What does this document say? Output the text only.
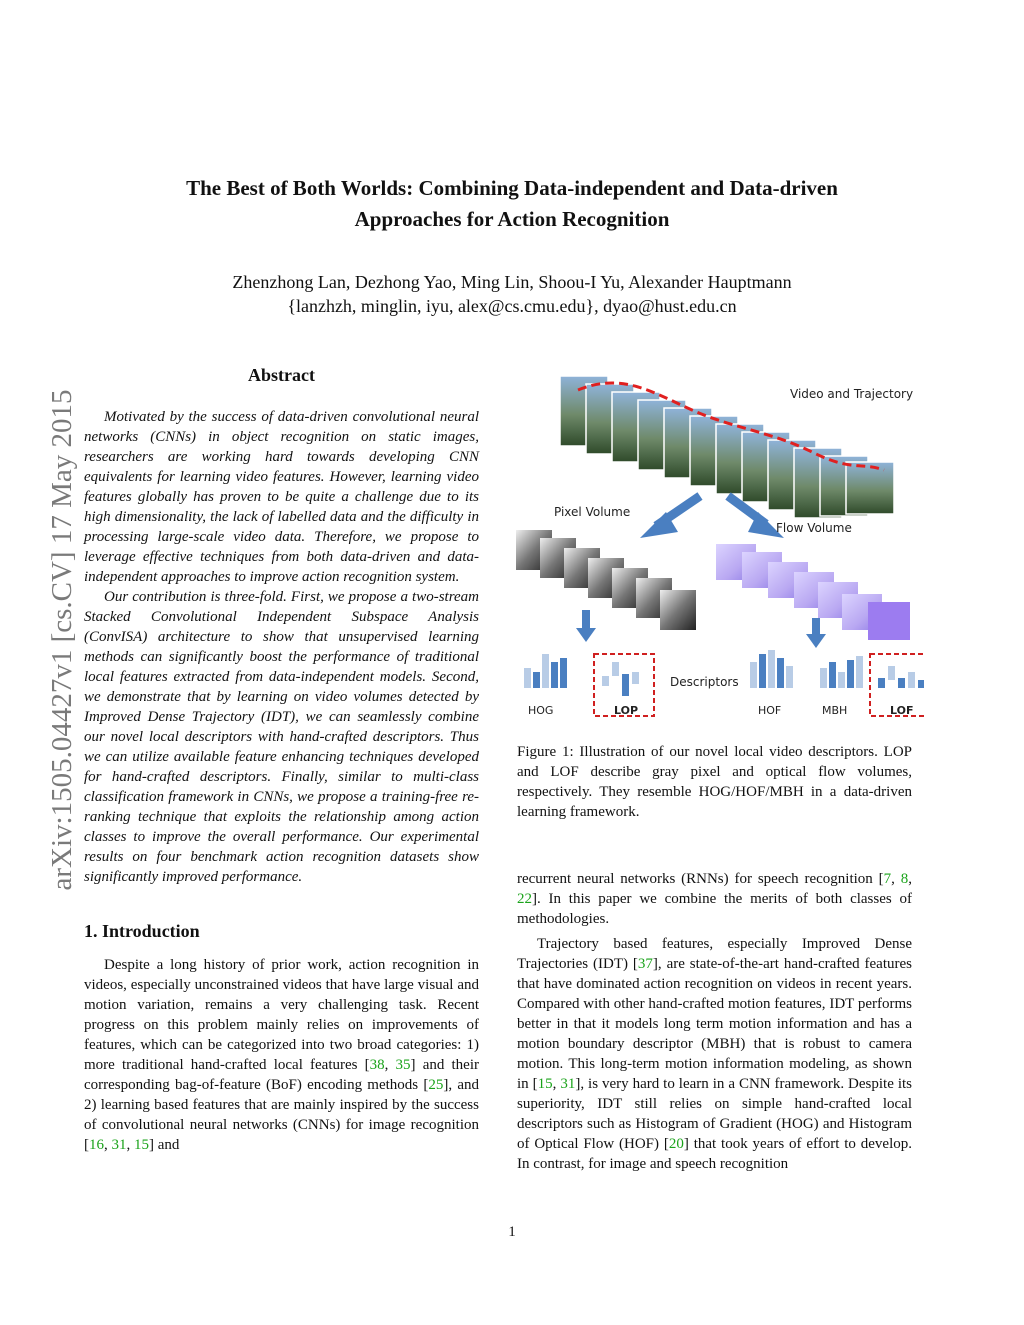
arXiv:1505.04427v1 [cs.CV] 17 May 2015
The Best of Both Worlds: Combining Data-independent and Data-driven
Approaches for Action Recognition
Zhenzhong Lan, Dezhong Yao, Ming Lin, Shoou-I Yu, Alexander Hauptmann
{lanzhzh, minglin, iyu, alex@cs.cmu.edu}, dyao@hust.edu.cn
Abstract

Motivated by the success of data-driven convolutional neural networks (CNNs) in object recognition on static images, researchers are working hard towards developing CNN equivalents for learning video features. However, learning video features globally has proven to be quite a challenge due to its high dimensionality, the lack of labelled data and the difficulty in processing large-scale video data. Therefore, we propose to leverage effective techniques from both data-driven and data-independent approaches to improve action recognition system.

Our contribution is three-fold. First, we propose a two-stream Stacked Convolutional Independent Subspace Analysis (ConvISA) architecture to show that unsupervised learning methods can significantly boost the performance of traditional local features extracted from data-independent models. Second, we demonstrate that by learning on video volumes detected by Improved Dense Trajectory (IDT), we can seamlessly combine our novel local descriptors with hand-crafted descriptors. Thus we can utilize available feature enhancing techniques developed for hand-crafted descriptors. Finally, similar to multi-class classification framework in CNNs, we propose a training-free re-ranking technique that exploits the relationship among action classes to improve the overall performance. Our experimental results on four benchmark action recognition datasets show significantly improved performance.

1. Introduction

Despite a long history of prior work, action recognition in videos, especially unconstrained videos that have large visual and motion variation, remains a very challenging task. Recent progress on this problem mainly relies on improvements of features, which can be categorized into two broad categories: 1) more traditional hand-crafted local features [38, 35] and their corresponding bag-of-feature (BoF) encoding methods [25], and 2) learning based features that are mainly inspired by the success of convolutional neural networks (CNNs) for image recognition [16, 31, 15] and

Video and Trajectory
Pixel Volume
Flow Volume
HOG	LOP
Descriptors
HOF	MBH	LOF
Figure 1: Illustration of our novel local video descriptors. LOP and LOF describe gray pixel and optical flow volumes, respectively. They resemble HOG/HOF/MBH in a data-driven learning framework.

recurrent neural networks (RNNs) for speech recognition [7, 8, 22]. In this paper we combine the merits of both classes of methodologies.

Trajectory based features, especially Improved Dense Trajectories (IDT) [37], are state-of-the-art hand-crafted features that have dominated action recognition on videos in recent years. Compared with other hand-crafted motion features, IDT performs better in that it models long term motion information and has a motion boundary descriptor (MBH) that is robust to camera motion. This long-term motion information modeling, as shown in [15, 31], is very hard to learn in a CNN framework. Despite its superiority, IDT still relies on simple hand-crafted local descriptors such as Histogram of Gradient (HOG) and Histogram of Optical Flow (HOF) [20] that took years of effort to develop. In contrast, for image and speech recognition

1
